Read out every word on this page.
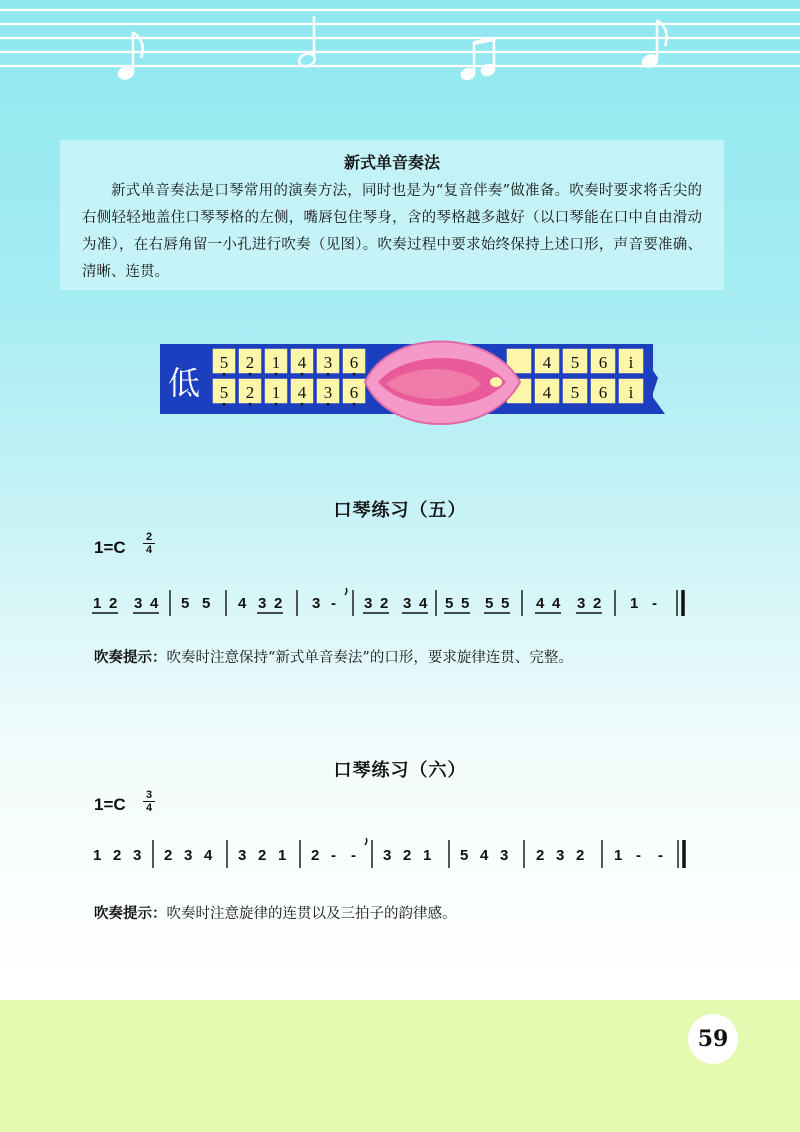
新式单音奏法

新式单音奏法是口琴常用的演奏方法，同时也是为“复音伴奏”做准备。吹奏时要求将舌尖的右侧轻轻地盖住口琴琴格的左侧，嘴唇包住琴身，含的琴格越多越好（以口琴能在口中自由滑动为准），在右唇角留一小孔进行吹奏（见图）。吹奏过程中要求始终保持上述口形，声音要准确、清晰、连贯。

低
5 2 1 4 3 6
5 2 1 4 3 6
4 5 6 i
4 5 6 i
口琴练习（五）
1=C
2
4
1 2 3 4 5 5 4 3 2 3 - 3 2 3 4 5 5 5 5 4 4 3 2 1 -
吹奏提示：吹奏时注意保持“新式单音奏法”的口形，要求旋律连贯、完整。
口琴练习（六）
1=C 3
4
1 2 3 2 3 4 3 2 1 2 - - 3 2 1 5 4 3 2 3 2 1 - -
吹奏提示：吹奏时注意旋律的连贯以及三拍子的韵律感。
59
